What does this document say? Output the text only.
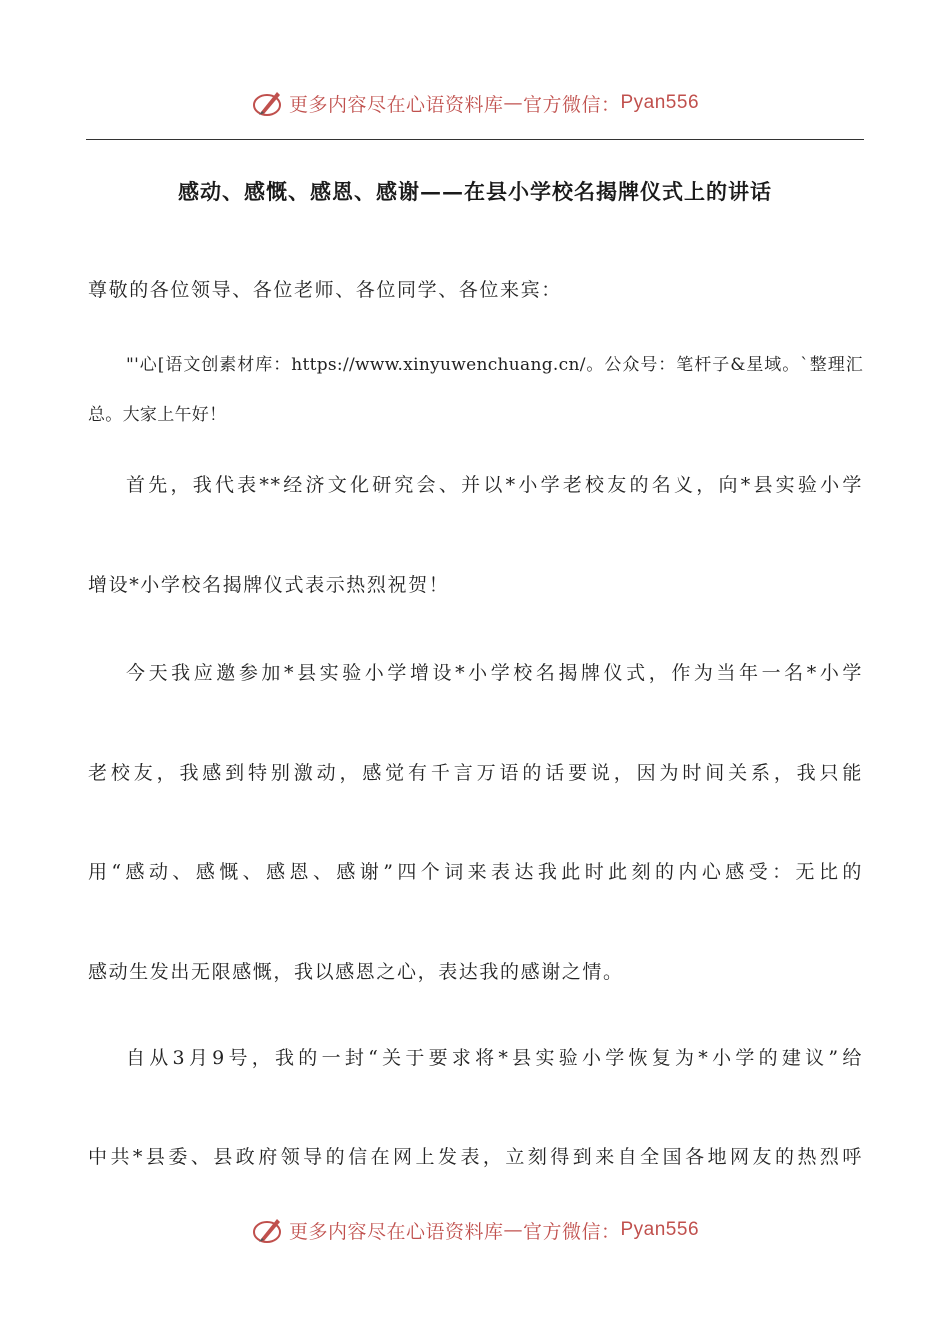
更多内容尽在心语资料库 — 官方微信： Pyan556
感动、感慨、感恩、感谢——在县小学校名揭牌仪式上的讲话
尊敬的各位领导、各位老师、各位同学、各位来宾：
"'心[语文创素材库：https://www.xinyuwenchuang.cn/。公众号：笔杆子&星域。`整理汇
总。大家上午好！
首先，我代表**经济文化研究会、并以*小学老校友的名义，向*县实验小学
增设*小学校名揭牌仪式表示热烈祝贺！
今天我应邀参加*县实验小学增设*小学校名揭牌仪式，作为当年一名*小学
老校友，我感到特别激动，感觉有千言万语的话要说，因为时间关系，我只能
用“感动、感慨、感恩、感谢”四个词来表达我此时此刻的内心感受：无比的
感动生发出无限感慨，我以感恩之心，表达我的感谢之情。
自从3月9号，我的一封“关于要求将*县实验小学恢复为*小学的建议”给
中共*县委、县政府领导的信在网上发表，立刻得到来自全国各地网友的热烈呼
更多内容尽在心语资料库 — 官方微信： Pyan556
